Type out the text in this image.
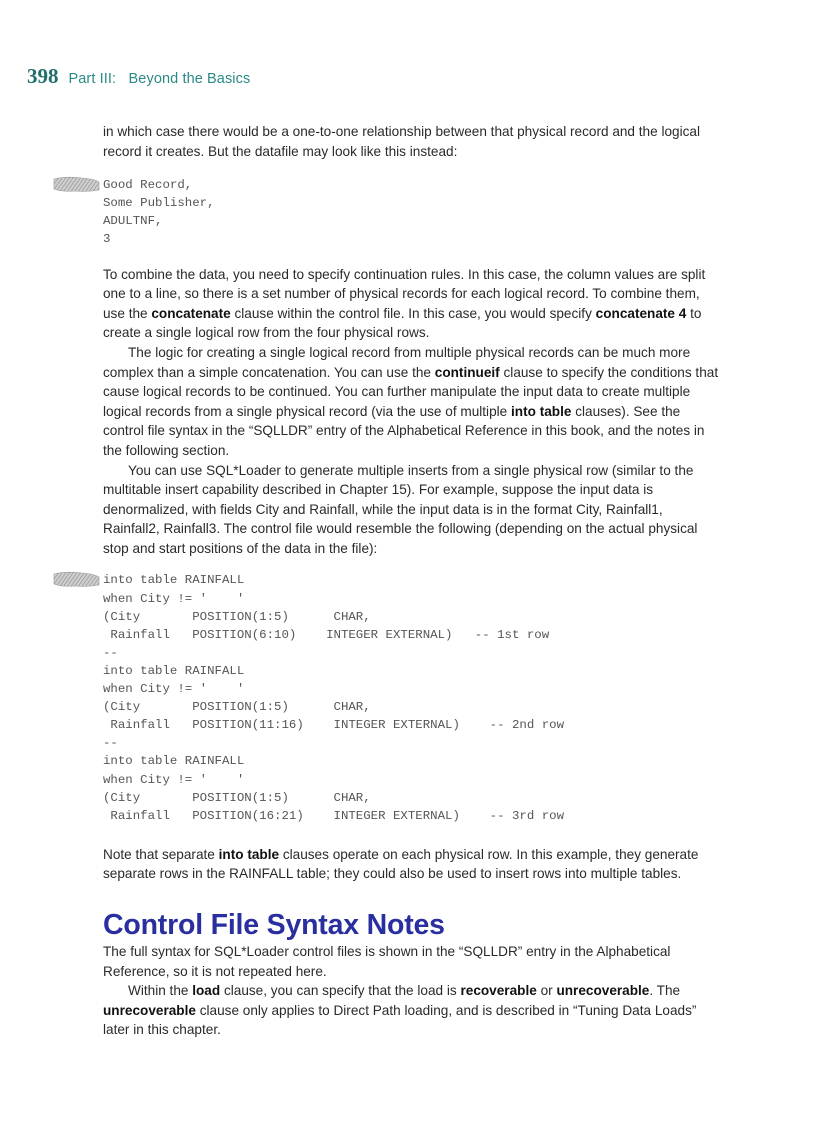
398 Part III: Beyond the Basics

in which case there would be a one-to-one relationship between that physical record and the logical record it creates. But the datafile may look like this instead:

Good Record,
Some Publisher,
ADULTNF,
3

To combine the data, you need to specify continuation rules. In this case, the column values are split one to a line, so there is a set number of physical records for each logical record. To combine them, use the concatenate clause within the control file. In this case, you would specify concatenate 4 to create a single logical row from the four physical rows.

The logic for creating a single logical record from multiple physical records can be much more complex than a simple concatenation. You can use the continueif clause to specify the conditions that cause logical records to be continued. You can further manipulate the input data to create multiple logical records from a single physical record (via the use of multiple into table clauses). See the control file syntax in the “SQLLDR” entry of the Alphabetical Reference in this book, and the notes in the following section.

You can use SQL*Loader to generate multiple inserts from a single physical row (similar to the multitable insert capability described in Chapter 15). For example, suppose the input data is denormalized, with fields City and Rainfall, while the input data is in the format City, Rainfall1, Rainfall2, Rainfall3. The control file would resemble the following (depending on the actual physical stop and start positions of the data in the file):

into table RAINFALL
when City != '    '
(City       POSITION(1:5)      CHAR,
Rainfall   POSITION(6:10)    INTEGER EXTERNAL)   -- 1st row
--
into table RAINFALL
when City != '    '
(City       POSITION(1:5)      CHAR,
Rainfall   POSITION(11:16)    INTEGER EXTERNAL)    -- 2nd row
--
into table RAINFALL
when City != '    '
(City       POSITION(1:5)      CHAR,
Rainfall   POSITION(16:21)    INTEGER EXTERNAL)    -- 3rd row

Note that separate into table clauses operate on each physical row. In this example, they generate separate rows in the RAINFALL table; they could also be used to insert rows into multiple tables.

Control File Syntax Notes

The full syntax for SQL*Loader control files is shown in the “SQLLDR” entry in the Alphabetical Reference, so it is not repeated here.

Within the load clause, you can specify that the load is recoverable or unrecoverable. The unrecoverable clause only applies to Direct Path loading, and is described in “Tuning Data Loads” later in this chapter.
